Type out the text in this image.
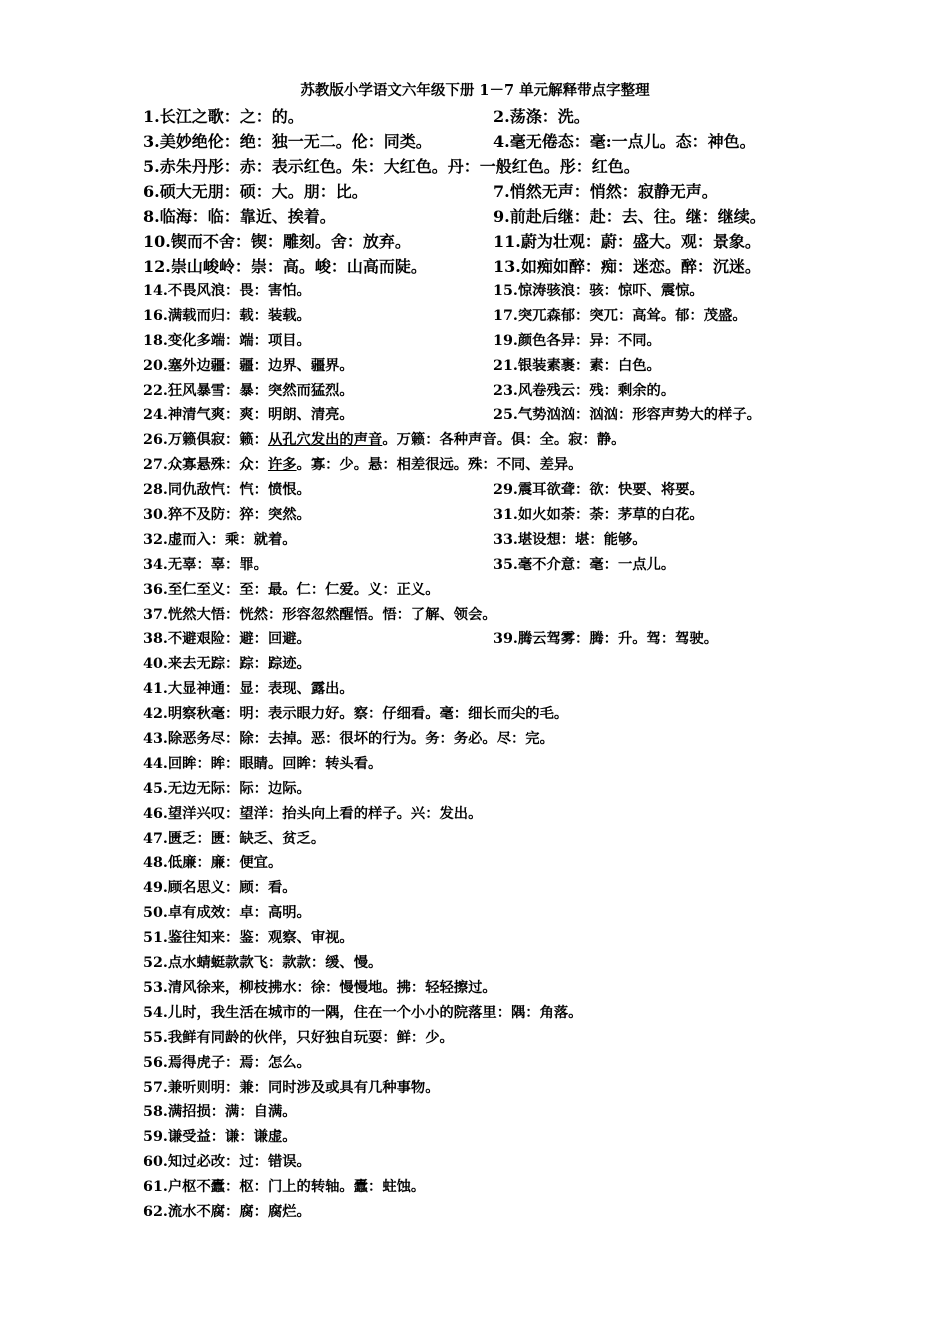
苏教版小学语文六年级下册 1－7 单元解释带点字整理
1.长江之歌：之：的。	2.荡涤：洗。
3.美妙绝伦：绝：独一无二。伦：同类。	4.毫无倦态：毫:一点儿。态：神色。
5.赤朱丹彤：赤：表示红色。朱：大红色。丹：一般红色。彤：红色。
6.硕大无朋：硕：大。朋：比。	7.悄然无声：悄然：寂静无声。
8.临海：临：靠近、挨着。	9.前赴后继：赴：去、往。继：继续。
10.锲而不舍：锲：雕刻。舍：放弃。	11.蔚为壮观：蔚：盛大。观：景象。
12.崇山峻岭：崇：高。峻：山高而陡。	13.如痴如醉：痴：迷恋。醉：沉迷。
14.不畏风浪：畏：害怕。	15.惊涛骇浪：骇：惊吓、震惊。
16.满载而归：载：装载。	17.突兀森郁：突兀：高耸。郁：茂盛。
18.变化多端：端：项目。	19.颜色各异：异：不同。
20.塞外边疆：疆：边界、疆界。	21.银装素裹：素：白色。
22.狂风暴雪：暴：突然而猛烈。	23.风卷残云：残：剩余的。
24.神清气爽：爽：明朗、清亮。	25.气势汹汹：汹汹：形容声势大的样子。
26.万籁俱寂：籁：从孔穴发出的声音。万籁：各种声音。俱：全。寂：静。
27.众寡悬殊：众：许多。寡：少。悬：相差很远。殊：不同、差异。
28.同仇敌忾：忾：愤恨。	29.震耳欲聋：欲：快要、将要。
30.猝不及防：猝：突然。	31.如火如荼：荼：茅草的白花。
32.虚而入：乘：就着。	33.堪设想：堪：能够。
34.无辜：辜：罪。	35.毫不介意：毫：一点儿。
36.至仁至义：至：最。仁：仁爱。义：正义。
37.恍然大悟：恍然：形容忽然醒悟。悟：了解、领会。
38.不避艰险：避：回避。	39.腾云驾雾：腾：升。驾：驾驶。
40.来去无踪：踪：踪迹。
41.大显神通：显：表现、露出。
42.明察秋毫：明：表示眼力好。察：仔细看。毫：细长而尖的毛。
43.除恶务尽：除：去掉。恶：很坏的行为。务：务必。尽：完。
44.回眸：眸：眼睛。回眸：转头看。
45.无边无际：际：边际。
46.望洋兴叹：望洋：抬头向上看的样子。兴：发出。
47.匮乏：匮：缺乏、贫乏。
48.低廉：廉：便宜。
49.顾名思义：顾：看。
50.卓有成效：卓：高明。
51.鉴往知来：鉴：观察、审视。
52.点水蜻蜓款款飞：款款：缓、慢。
53.清风徐来，柳枝拂水：徐：慢慢地。拂：轻轻擦过。
54.儿时，我生活在城市的一隅，住在一个小小的院落里：隅：角落。
55.我鲜有同龄的伙伴，只好独自玩耍：鲜：少。
56.焉得虎子：焉：怎么。
57.兼听则明：兼：同时涉及或具有几种事物。
58.满招损：满：自满。
59.谦受益：谦：谦虚。
60.知过必改：过：错误。
61.户枢不蠹：枢：门上的转轴。蠹：蛀蚀。
62.流水不腐：腐：腐烂。
